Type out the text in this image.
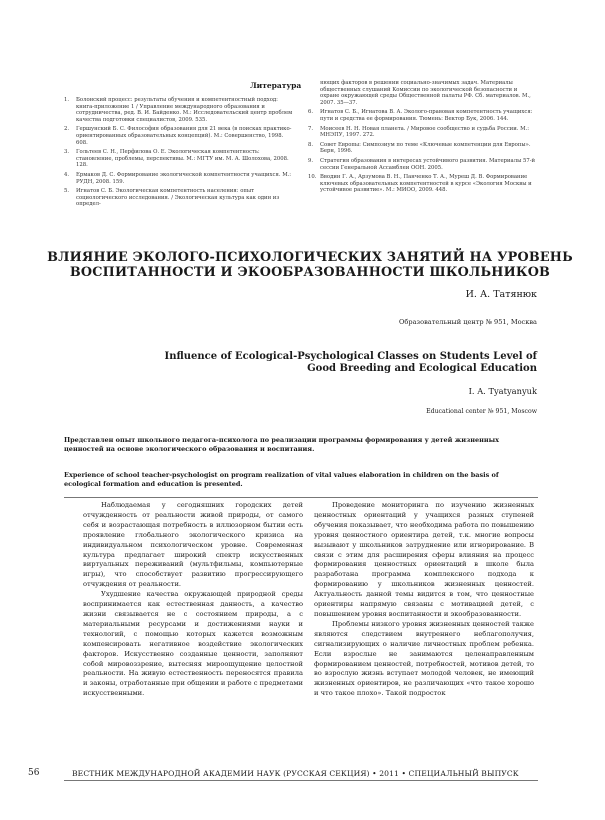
Литература
1.	Болонский процесс: результаты обучения и компетентностный подход: книга-приложение 1 / Управление международного образования и сотрудничества, ред. В. И. Байденко. М.: Исследовательский центр проблем качества подготовки специалистов, 2009. 535.
2.	Гершунский Б. С. Философия образования для 21 века (в поисках практико-ориентированных образовательных концепций). М.: Совершенство, 1998. 608.
3.	Гольтеев С. Н., Перфилова О. Е. Экологическая компетентность: становление, проблемы, перспективы. М.: МГТУ им. М. А. Шолохова, 2008. 128.
4.	Ермаков Д. С. Формирование экологической компетентности учащихся. М.: РУДН, 2008. 159.
5.	Игнатов С. Б. Экологическая компетентность населения: опыт социологического исследования. / Экологическая культура как один из определ-
яющих факторов в решении социально-значимых задач. Материалы общественных слушаний Комиссии по экологической безопасности и охране окружающей среды Общественной палаты РФ. Сб. материалов. М., 2007. 35—37.
6.	Игнатов С. Б., Игнатова В. А. Эколого-правовая компетентность учащихся: пути и средства ее формирования. Тюмень: Вектор Бук, 2006. 144.
7.	Моисеев Н. Н. Новая планета. / Мировое сообщество и судьба России. М.: МНЭПУ, 1997. 272.
8.	Совет Европы: Симпозиум по теме «Ключевые компетенции для Европы». Берн, 1996.
9.	Стратегия образования в интересах устойчивого развития. Материалы 57-й сессии Генеральной Ассамблеи ООН. 2005.
10. Вводин Г. А., Арзумова В. Н., Панченко Т. А., Муреш Д. В. Формирование ключевых образовательных компетентностей в курсе «Экология Москвы и устойчивое развитие». М.: МИОО, 2009. 448.
ВЛИЯНИЕ ЭКОЛОГО-ПСИХОЛОГИЧЕСКИХ ЗАНЯТИЙ НА УРОВЕНЬ ВОСПИТАННОСТИ И ЭКООБРАЗОВАННОСТИ ШКОЛЬНИКОВ
И. А. Татянюк
Образовательный центр № 951, Москва
Influence of Ecological-Psychological Classes on Students Level of Good Breeding and Ecological Education
I. A. Tyatyanyuk
Educational center № 951, Moscow
Представлен опыт школьного педагога-психолога по реализации программы формирования у детей жизненных ценностей на основе экологического образования и воспитания.
Experience of school teacher-psychologist on program realization of vital values elaboration in children on the basis of ecological formation and education is presented.

Наблюдаемая у сегодняшних городских детей отчужденность от реальности живой природы, от самого себя и возрастающая потребность в иллюзорном бытии есть проявление глобального экологического кризиса на индивидуальном психологическом уровне. Современная культура предлагает широкий спектр искусственных виртуальных переживаний (мультфильмы, компьютерные игры), что способствует развитию прогрессирующего отчуждения от реальности.

Ухудшение качества окружающей природной среды воспринимается как естественная данность, а качество жизни связывается не с состоянием природы, а с материальными ресурсами и достижениями науки и технологий, с помощью которых кажется возможным компенсировать негативное воздействие экологических факторов. Искусственно созданные ценности, заполняют собой мировоззрение, вытесняя мироощущение целостной реальности. На живую естественность переносятся правила и законы, отработанные при общении и работе с предметами искусственными.

Проведение мониторинга по изучению жизненных ценностных ориентаций у учащихся разных ступеней обучения показывает, что необходима работа по повышению уровня ценностного ориентира детей, т.к. многие вопросы вызывают у школьников затруднение или игнорирование. В связи с этим для расширения сферы влияния на процесс формирования ценностных ориентаций в школе была разработана программа комплексного подхода к формированию у школьников жизненных ценностей. Актуальность данной темы видится в том, что ценностные ориентиры напрямую связаны с мотивацией детей, с повышением уровня воспитанности и экообразованности.

Проблемы низкого уровня жизненных ценностей также являются следствием внутреннего неблагополучия, сигнализирующих о наличие личностных проблем ребенка. Если взрослые не занимаются целенаправленным формированием ценностей, потребностей, мотивов детей, то во взрослую жизнь вступает молодой человек, не имеющий жизненных ориентиров, не различающих «что такое хорошо и что такое плохо». Такой подросток

56	ВЕСТНИК МЕЖДУНАРОДНОЙ АКАДЕМИИ НАУК (РУССКАЯ СЕКЦИЯ) • 2011 • СПЕЦИАЛЬНЫЙ ВЫПУСК
